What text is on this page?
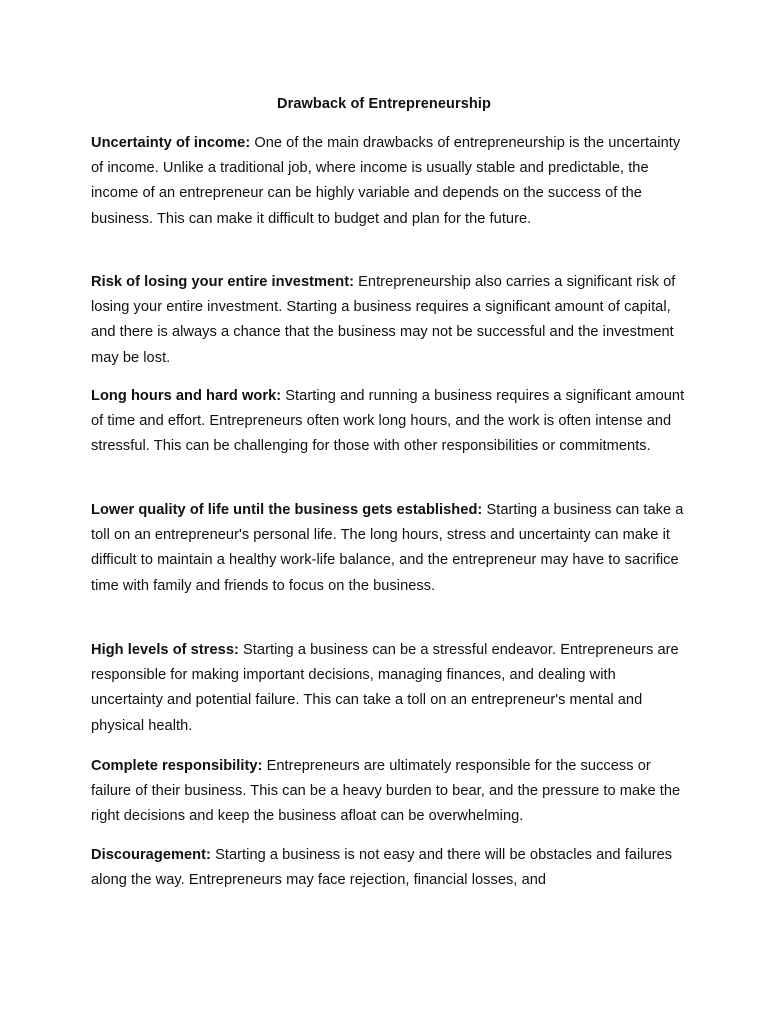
Drawback of Entrepreneurship

Uncertainty of income: One of the main drawbacks of entrepreneurship is the uncertainty of income. Unlike a traditional job, where income is usually stable and predictable, the income of an entrepreneur can be highly variable and depends on the success of the business. This can make it difficult to budget and plan for the future.

Risk of losing your entire investment: Entrepreneurship also carries a significant risk of losing your entire investment. Starting a business requires a significant amount of capital, and there is always a chance that the business may not be successful and the investment may be lost.

Long hours and hard work: Starting and running a business requires a significant amount of time and effort. Entrepreneurs often work long hours, and the work is often intense and stressful. This can be challenging for those with other responsibilities or commitments.

Lower quality of life until the business gets established: Starting a business can take a toll on an entrepreneur's personal life. The long hours, stress and uncertainty can make it difficult to maintain a healthy work-life balance, and the entrepreneur may have to sacrifice time with family and friends to focus on the business.

High levels of stress: Starting a business can be a stressful endeavor. Entrepreneurs are responsible for making important decisions, managing finances, and dealing with uncertainty and potential failure. This can take a toll on an entrepreneur's mental and physical health.

Complete responsibility: Entrepreneurs are ultimately responsible for the success or failure of their business. This can be a heavy burden to bear, and the pressure to make the right decisions and keep the business afloat can be overwhelming.

Discouragement: Starting a business is not easy and there will be obstacles and failures along the way. Entrepreneurs may face rejection, financial losses, and
